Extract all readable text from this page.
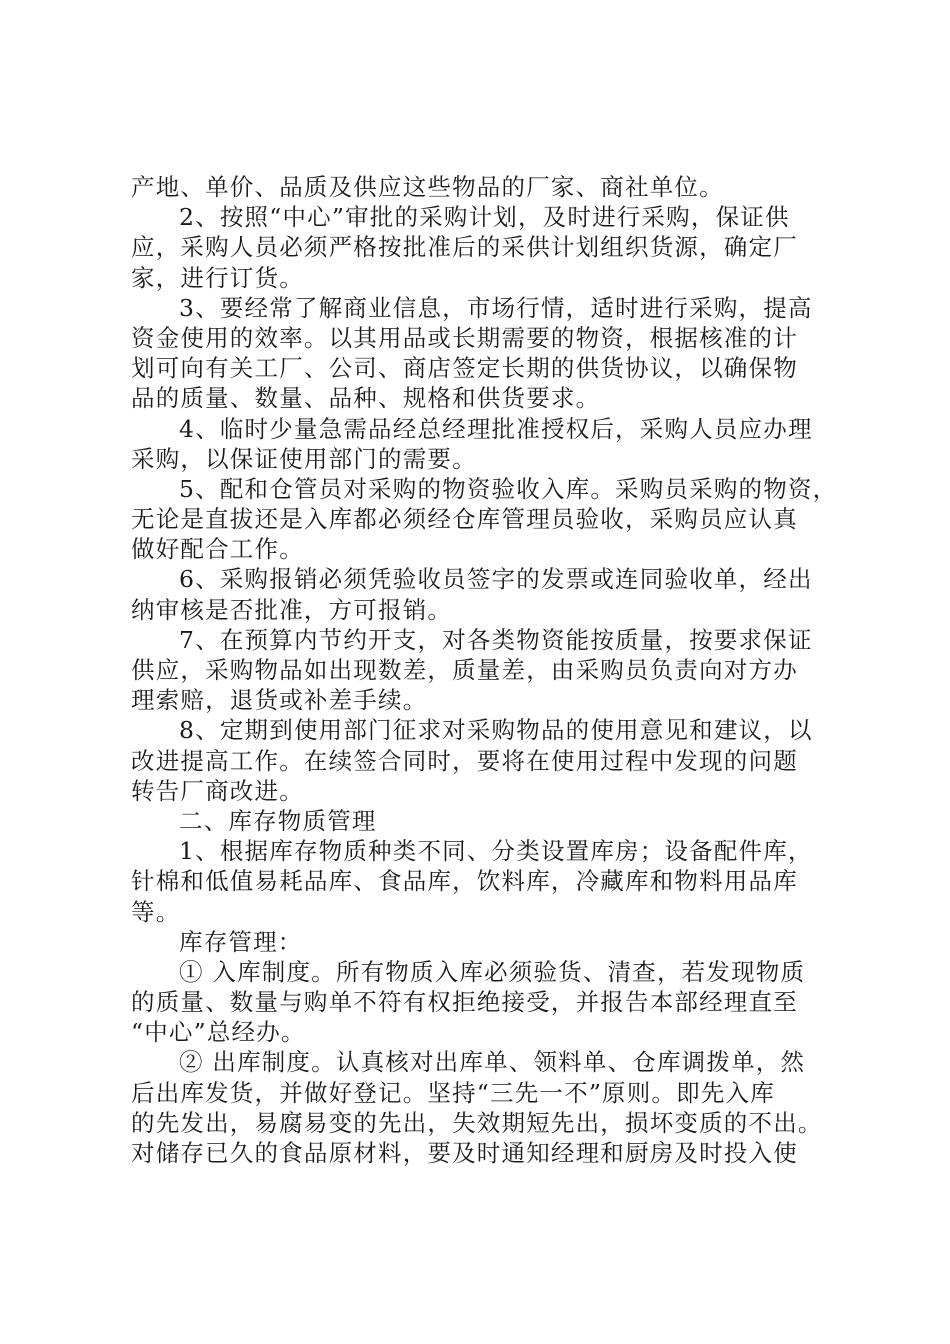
产地、单价、品质及供应这些物品的厂家、商社单位。
2、按照“中心”审批的采购计划，及时进行采购，保证供
应，采购人员必须严格按批准后的采供计划组织货源，确定厂
家，进行订货。
3、要经常了解商业信息，市场行情，适时进行采购，提高
资金使用的效率。以其用品或长期需要的物资，根据核准的计
划可向有关工厂、公司、商店签定长期的供货协议，以确保物
品的质量、数量、品种、规格和供货要求。
4、临时少量急需品经总经理批准授权后，采购人员应办理
采购，以保证使用部门的需要。
5、配和仓管员对采购的物资验收入库。采购员采购的物资，
无论是直拔还是入库都必须经仓库管理员验收，采购员应认真
做好配合工作。
6、采购报销必须凭验收员签字的发票或连同验收单，经出
纳审核是否批准，方可报销。
7、在预算内节约开支，对各类物资能按质量，按要求保证
供应，采购物品如出现数差，质量差，由采购员负责向对方办
理索赔，退货或补差手续。
8、定期到使用部门征求对采购物品的使用意见和建议，以
改进提高工作。在续签合同时，要将在使用过程中发现的问题
转告厂商改进。
二、库存物质管理
1、根据库存物质种类不同、分类设置库房；设备配件库，
针棉和低值易耗品库、食品库，饮料库，冷藏库和物料用品库
等。
库存管理：
① 入库制度。所有物质入库必须验货、清查，若发现物质
的质量、数量与购单不符有权拒绝接受，并报告本部经理直至
“中心”总经办。
② 出库制度。认真核对出库单、领料单、仓库调拨单，然
后出库发货，并做好登记。坚持“三先一不”原则。即先入库
的先发出，易腐易变的先出，失效期短先出，损坏变质的不出。
对储存已久的食品原材料，要及时通知经理和厨房及时投入使
